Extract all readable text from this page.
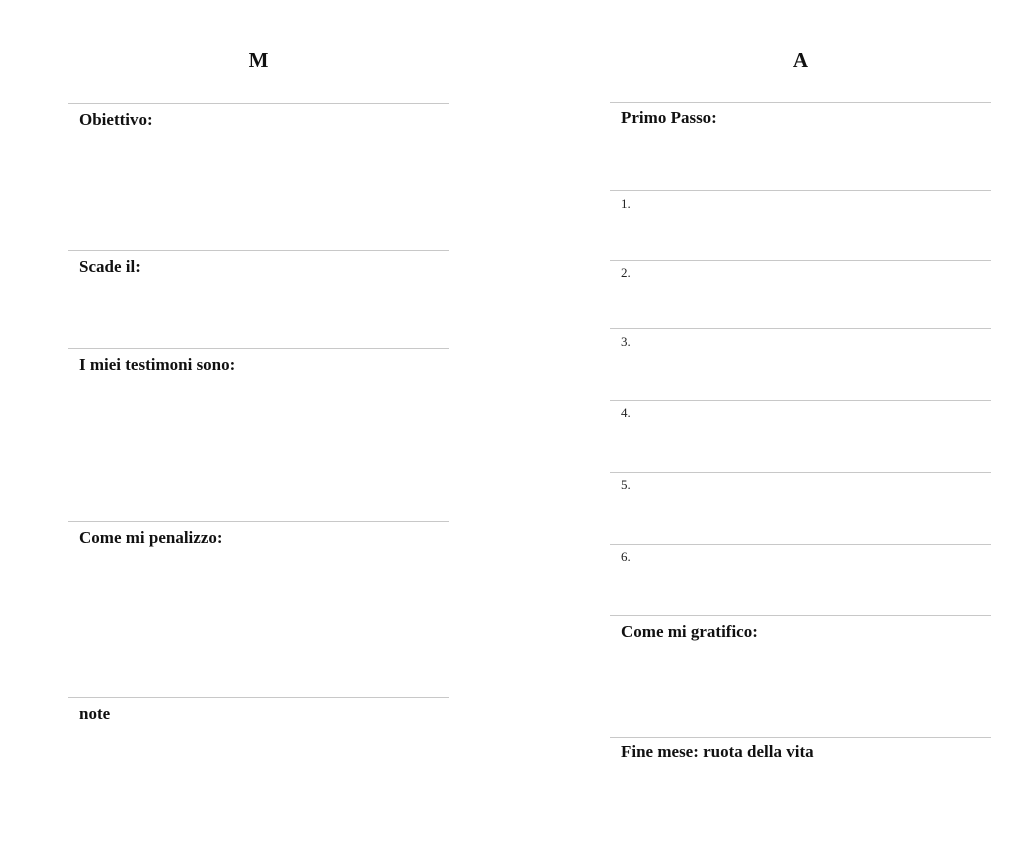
M
Obiettivo:
Scade il:
I miei testimoni sono:
Come mi penalizzo:
note
A
Primo Passo:
1.
2.
3.
4.
5.
6.
Come mi gratifico:
Fine mese: ruota della vita
